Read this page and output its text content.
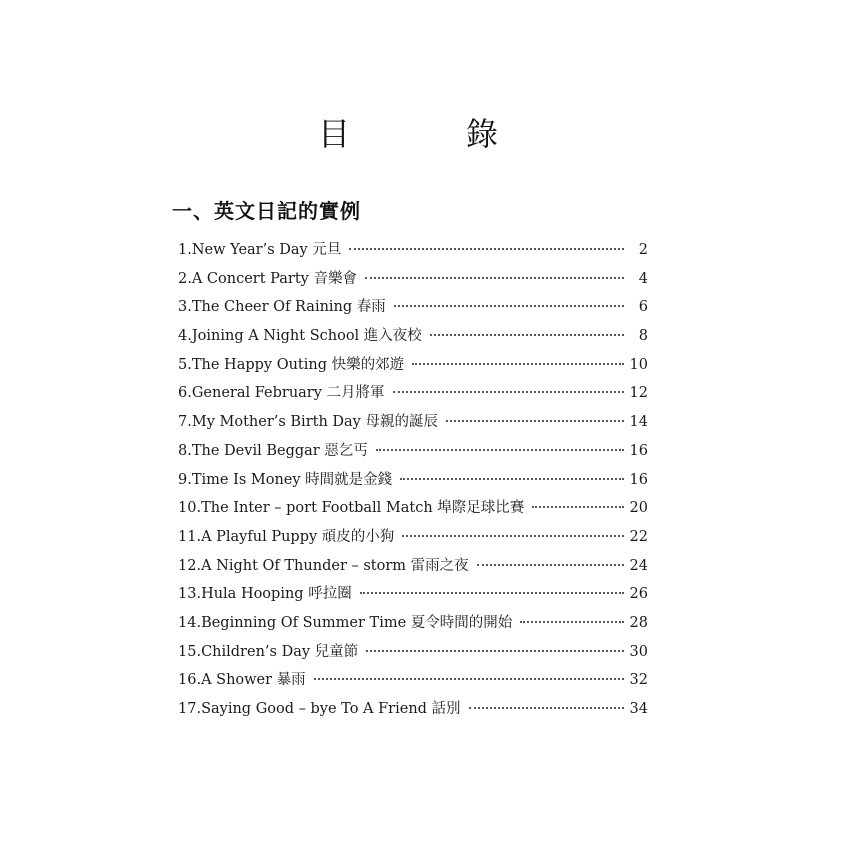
目	錄
一、英文日記的實例
1. New Year’s Day 元旦	2
2. A Concert Party 音樂會	4
3. The Cheer Of Raining 春雨	6
4. Joining A Night School 進入夜校	8
5. The Happy Outing 快樂的郊遊	10
6. General February 二月將軍	12
7. My Mother’s Birth Day 母親的誕辰	14
8. The Devil Beggar 惡乞丐	16
9. Time Is Money 時間就是金錢	16
10. The Inter – port Football Match 埠際足球比賽	20
11. A Playful Puppy 頑皮的小狗	22
12. A Night Of Thunder – storm 雷雨之夜	24
13. Hula Hooping 呼拉圈	26
14. Beginning Of Summer Time 夏令時間的開始	28
15. Children’s Day 兒童節	30
16. A Shower 暴雨	32
17. Saying Good – bye To A Friend 話別	34
